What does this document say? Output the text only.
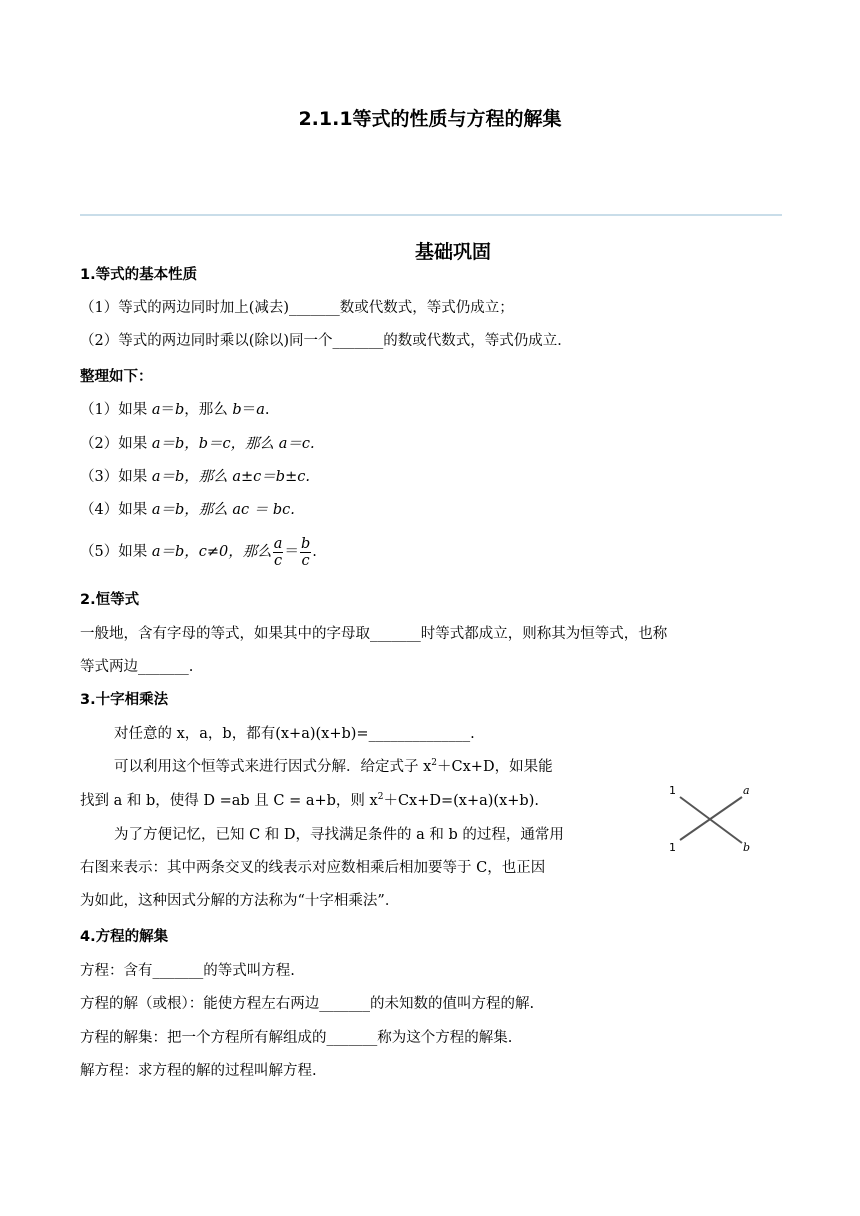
2.1.1等式的性质与方程的解集
基础巩固
1.等式的基本性质
（1）等式的两边同时加上(减去)_______数或代数式，等式仍成立；
（2）等式的两边同时乘以(除以)同一个_______的数或代数式，等式仍成立．
整理如下：
（1）如果 a＝b，那么 b＝a.
（2）如果 a＝b，b＝c，那么 a＝c.
（3）如果 a＝b，那么 a±c＝b±c.
（4）如果 a＝b，那么 ac ＝ bc.
（5）如果 a＝b，c≠0，那么 $\frac{a}{c} = \frac{b}{c}$ .
2.恒等式
一般地，含有字母的等式，如果其中的字母取_______时等式都成立，则称其为恒等式，也称
等式两边_______.
3.十字相乘法
对任意的 x，a，b，都有(x+a)(x+b)=______________.
可以利用这个恒等式来进行因式分解．给定式子 $x^2+Cx+D$，如果能
找到 a 和 b，使得 D =ab 且 C = a+b，则 $x^2+Cx+D=(x+a)(x+b)$.
为了方便记忆，已知 C 和 D，寻找满足条件的 a 和 b 的过程，通常用
右图来表示：其中两条交叉的线表示对应数相乘后相加要等于 C，也正因
为如此，这种因式分解的方法称为“十字相乘法”．
1	a
1	b
4.方程的解集
方程：含有_______的等式叫方程.
方程的解（或根）：能使方程左右两边_______的未知数的值叫方程的解.
方程的解集：把一个方程所有解组成的_______称为这个方程的解集.
解方程：求方程的解的过程叫解方程.
